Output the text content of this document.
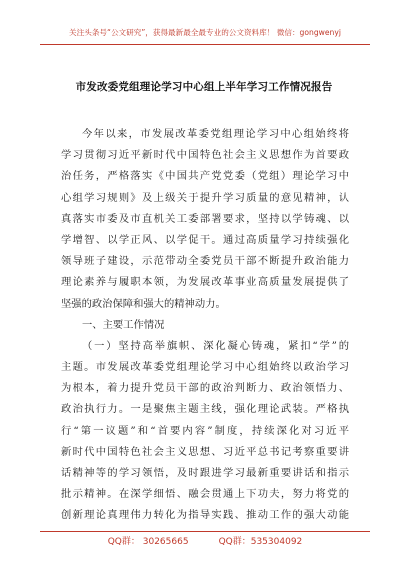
关注头条号“公文研究”，获得最新最全最专业的公文资料库！ 微信：gongwenyj
市发改委党组理论学习中心组上半年学习工作情况报告
今年以来，市发展改革委党组理论学习中心组始终将
学习贯彻习近平新时代中国特色社会主义思想作为首要政
治任务，严格落实《中国共产党党委（党组）理论学习中
心组学习规则》及上级关于提升学习质量的意见精神，认
真落实市委及市直机关工委部署要求，坚持以学铸魂、以
学增智、以学正风、以学促干。通过高质量学习持续强化
领导班子建设，示范带动全委党员干部不断提升政治能力
理论素养与履职本领，为发展改革事业高质量发展提供了
坚强的政治保障和强大的精神动力。
一、主要工作情况
（一）坚持高举旗帜、深化凝心铸魂，紧扣“学”的
主题。市发展改革委党组理论学习中心组始终以政治学习
为根本，着力提升党员干部的政治判断力、政治领悟力、
政治执行力。一是聚焦主题主线，强化理论武装。严格执
行“第一议题”和“首要内容”制度，持续深化对习近平
新时代中国特色社会主义思想、习近平总书记考察重要讲
话精神等的学习领悟，及时跟进学习最新重要讲话和指示
批示精神。在深学细悟、融会贯通上下功夫，努力将党的
创新理论真理伟力转化为指导实践、推动工作的强大动能
QQ群： 30265665	QQ群：535304092
